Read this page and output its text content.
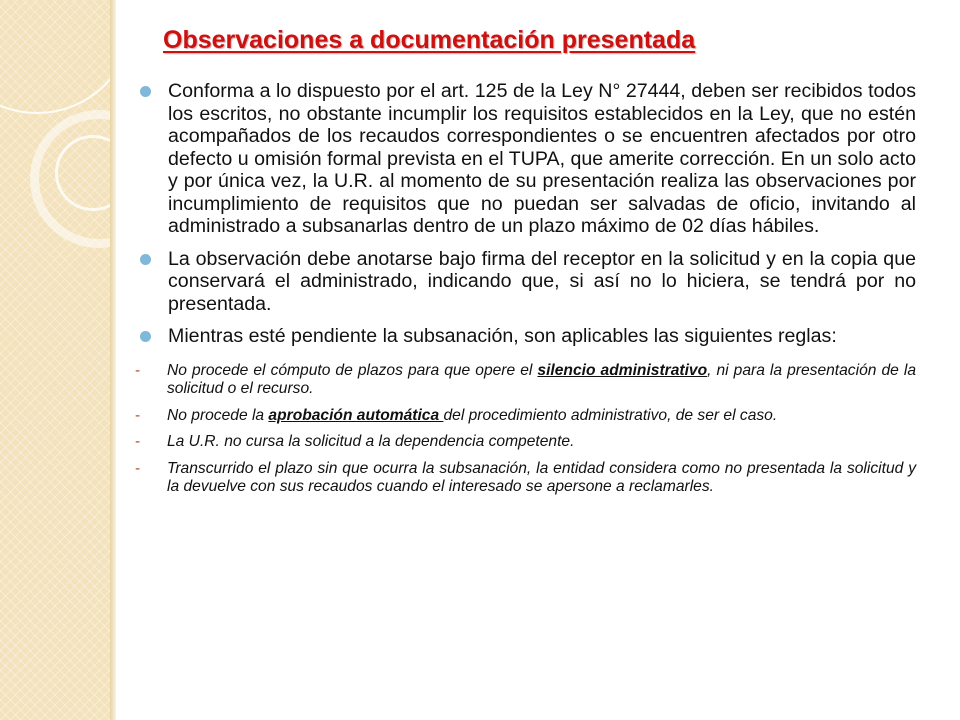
Observaciones a documentación presentada

Conforma a lo dispuesto por el art. 125 de la Ley N° 27444, deben ser recibidos todos los escritos, no obstante incumplir los requisitos establecidos en la Ley, que no estén acompañados de los recaudos correspondientes o se encuentren afectados por otro defecto u omisión formal prevista en el TUPA, que amerite corrección. En un solo acto y por única vez, la U.R. al momento de su presentación realiza las observaciones por incumplimiento de requisitos que no puedan ser salvadas de oficio, invitando al administrado a subsanarlas dentro de un plazo máximo de 02 días hábiles.

La observación debe anotarse bajo firma del receptor en la solicitud y en la copia que conservará el administrado, indicando que, si así no lo hiciera, se tendrá por no presentada.

Mientras esté pendiente la subsanación, son aplicables las siguientes reglas:

- No procede el cómputo de plazos para que opere el silencio administrativo, ni para la presentación de la solicitud o el recurso.

- No procede la aprobación automática del procedimiento administrativo, de ser el caso.

- La U.R. no cursa la solicitud a la dependencia competente.

- Transcurrido el plazo sin que ocurra la subsanación, la entidad considera como no presentada la solicitud y la devuelve con sus recaudos cuando el interesado se apersone a reclamarles.
